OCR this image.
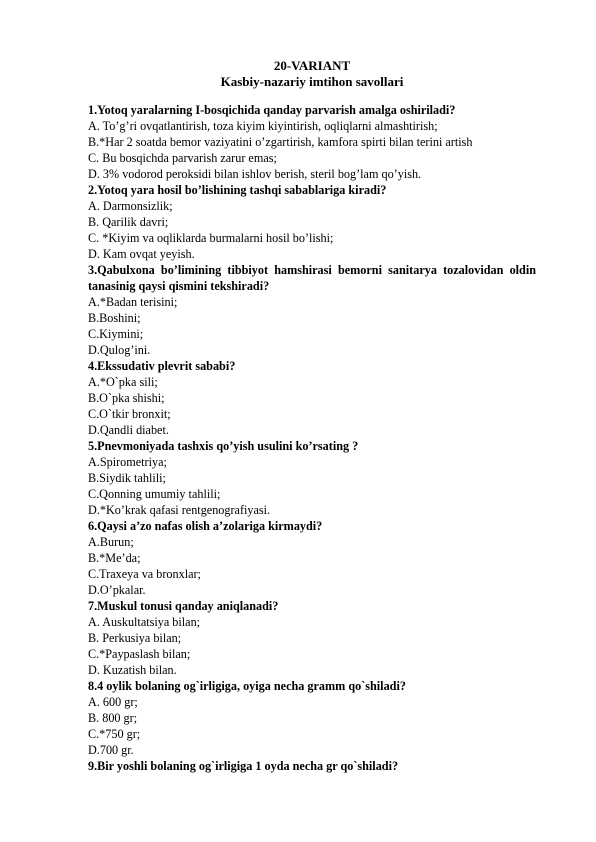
20-VARIANT

Kasbiy-nazariy imtihon savollari

1.Yotoq yaralarning I-bosqichida qanday parvarish amalga oshiriladi?

A. To’g’ri ovqatlantirish, toza kiyim kiyintirish, oqliqlarni almashtirish;

B.*Har 2 soatda bemor vaziyatini o’zgartirish, kamfora spirti bilan terini artish

C. Bu bosqichda parvarish zarur emas;

D. 3% vodorod peroksidi bilan ishlov berish, steril bog’lam qo’yish.

2.Yotoq yara hosil bo’lishining tashqi sabablariga kiradi?

A. Darmonsizlik;

B. Qarilik davri;

C. *Kiyim va oqliklarda burmalarni hosil bo’lishi;

D. Kam ovqat yeyish.

3.Qabulxona bo’limining tibbiyot hamshirasi bemorni sanitarya tozalovidan oldin tanasinig qaysi qismini tekshiradi?

A.*Badan terisini;

B.Boshini;

C.Kiymini;

D.Qulog’ini.

4.Ekssudativ plevrit sababi?

A.*O`pka sili;

B.O`pka shishi;

C.O`tkir bronxit;

D.Qandli diabet.

5.Pnevmoniyada tashxis qo’yish usulini ko’rsating ?

A.Spirometriya;

B.Siydik tahlili;

C.Qonning umumiy tahlili;

D.*Ko’krak qafasi rentgenografiyasi.

6.Qaysi a’zo nafas olish a’zolariga kirmaydi?

A.Burun;

B.*Me’da;

C.Traxeya va bronxlar;

D.O’pkalar.

7.Muskul tonusi qanday aniqlanadi?

A. Auskultatsiya bilan;

B. Perkusiya bilan;

C.*Paypaslash bilan;

D. Kuzatish bilan.

8.4 oylik bolaning og`irligiga, oyiga necha gramm qo`shiladi?

A. 600 gr;

B. 800 gr;

C.*750 gr;

D.700 gr.

9.Bir yoshli bolaning og`irligiga 1 oyda necha gr qo`shiladi?
